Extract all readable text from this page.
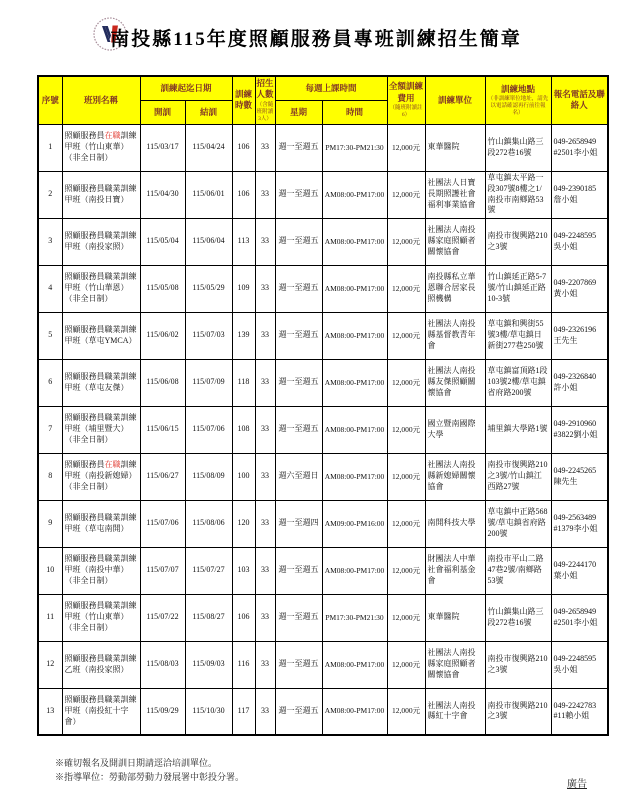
南投縣115年度照顧服務員專班訓練招生簡章
序號	班別名稱	訓練起迄日期		訓練時數	招生人數
（含隨班附讀3人）	每週上課時間		全額訓練費用
（隨班附讀註6）	訓練單位	訓練地點
（非訓練單位地址，請先以電話確認再行前往報名）	報名電話及聯絡人
		開訓	結訓			星期	時間				
1	照顧服務員在職訓練甲班（竹山東華）（非全日制）	115/03/17	115/04/24	106	33	週一至週五	PM17:30-PM21:30	12,000元	東華醫院	竹山鎮集山路三段272巷16號	049-2658949
#2501李小姐

2	照顧服務員職業訓練甲班（南投日寶）	115/04/30	115/06/01	106	33	週一至週五	AM08:00-PM17:00	12,000元	社團法人日寶長期照護社會福利事業協會	草屯鎮太平路一段307號8樓之1/南投市南鄉路53號	049-2390185
詹小姐

3	照顧服務員職業訓練甲班（南投家照）	115/05/04	115/06/04	113	33	週一至週五	AM08:00-PM17:00	12,000元	社團法人南投縣家庭照顧者關懷協會	南投市復興路210之3號	049-2248595
吳小姐

4	照顧服務員職業訓練甲班（竹山華恩）（非全日制）	115/05/08	115/05/29	109	33	週一至週五	AM08:00-PM17:00	12,000元	南投縣私立華恩聯合居家長照機構	竹山鎮延正路5-7號/竹山鎮延正路10-3號	049-2207869
黃小姐

5	照顧服務員職業訓練甲班（草屯YMCA）	115/06/02	115/07/03	139	33	週一至週五	AM08:00-PM17:00	12,000元	社團法人南投縣基督教青年會	草屯鎮和興街55號3樓/草屯鎮日新街277巷250號	049-2326196
王先生

6	照顧服務員職業訓練甲班（草屯友傑）	115/06/08	115/07/09	118	33	週一至週五	AM08:00-PM17:00	12,000元	社團法人南投縣友傑照顧關懷協會	草屯鎮富頂路1段103號2樓/草屯鎮省府路200號	049-2326840
許小姐

7	照顧服務員職業訓練甲班（埔里暨大）（非全日制）	115/06/15	115/07/06	108	33	週一至週五	AM08:00-PM17:00	12,000元	國立暨南國際大學	埔里鎮大學路1號	049-2910960
#3822劉小姐

8	照顧服務員在職訓練甲班（南投新媳婦）（非全日制）	115/06/27	115/08/09	100	33	週六至週日	AM08:00-PM17:00	12,000元	社團法人南投縣新媳婦關懷協會	南投市復興路210之3號/竹山鎮江西路27號	049-2245265
陳先生

9	照顧服務員職業訓練甲班（草屯南開）	115/07/06	115/08/06	120	33	週一至週四	AM09:00-PM16:00	12,000元	南開科技大學	草屯鎮中正路568號/草屯鎮省府路200號	049-2563489
#1379李小姐

10	照顧服務員職業訓練甲班（南投中華）（非全日制）	115/07/07	115/07/27	103	33	週一至週五	AM08:00-PM17:00	12,000元	財團法人中華社會福利基金會	南投市平山二路47巷2號/南鄉路53號	049-2244170
葉小姐

11	照顧服務員職業訓練甲班（竹山東華）（非全日制）	115/07/22	115/08/27	106	33	週一至週五	PM17:30-PM21:30	12,000元	東華醫院	竹山鎮集山路三段272巷16號	049-2658949
#2501李小姐

12	照顧服務員職業訓練乙班（南投家照）	115/08/03	115/09/03	116	33	週一至週五	AM08:00-PM17:00	12,000元	社團法人南投縣家庭照顧者關懷協會	南投市復興路210之3號	049-2248595
吳小姐

13	照顧服務員職業訓練甲班（南投紅十字會）	115/09/29	115/10/30	117	33	週一至週五	AM08:00-PM17:00	12,000元	社團法人南投縣紅十字會	南投市復興路210之3號	049-2242783
#11賴小姐
※確切報名及開訓日期請逕洽培訓單位。
※指導單位：勞動部勞動力發展署中彰投分署。
廣告
